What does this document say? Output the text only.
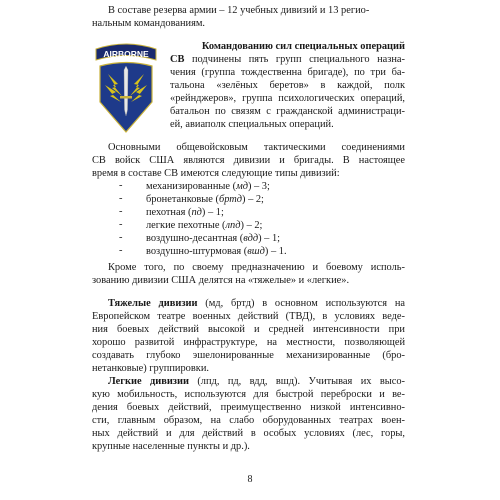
В составе резерва армии – 12 учебных дивизий и 13 регио-
нальным командованиям.
AIRBORNE
Командованию сил специальных операций
СВ подчинены пять групп специального назна-
чения (группа тождественна бригаде), по три ба-
тальона «зелёных беретов» в каждой, полк
«рейнджеров», группа психологических операций,
батальон по связям с гражданской администраци-
ей, авиаполк специальных операций.
Основными общевойсковым тактическими соединениями
СВ войск США являются дивизии и бригады. В настоящее
время в составе СВ имеются следующие типы дивизий:
- механизированные (мд) – 3;
- бронетанковые (бртд) – 2;
- пехотная (пд) – 1;
- легкие пехотные (лпд) – 2;
- воздушно-десантная (вдд) – 1;
- воздушно-штурмовая (вшд) – 1.
Кроме того, по своему предназначению и боевому исполь-
зованию дивизии США делятся на «тяжелые» и «легкие».
Тяжелые дивизии (мд, бртд) в основном используются на
Европейском театре военных действий (ТВД), в условиях веде-
ния боевых действий высокой и средней интенсивности при
хорошо развитой инфраструктуре, на местности, позволяющей
создавать глубоко эшелонированные механизированные (бро-
нетанковые) группировки.
Легкие дивизии (лпд, пд, вдд, вшд). Учитывая их высо-
кую мобильность, используются для быстрой переброски и ве-
дения боевых действий, преимущественно низкой интенсивно-
сти, главным образом, на слабо оборудованных театрах воен-
ных действий и для действий в особых условиях (лес, горы,
крупные населенные пункты и др.).
8
